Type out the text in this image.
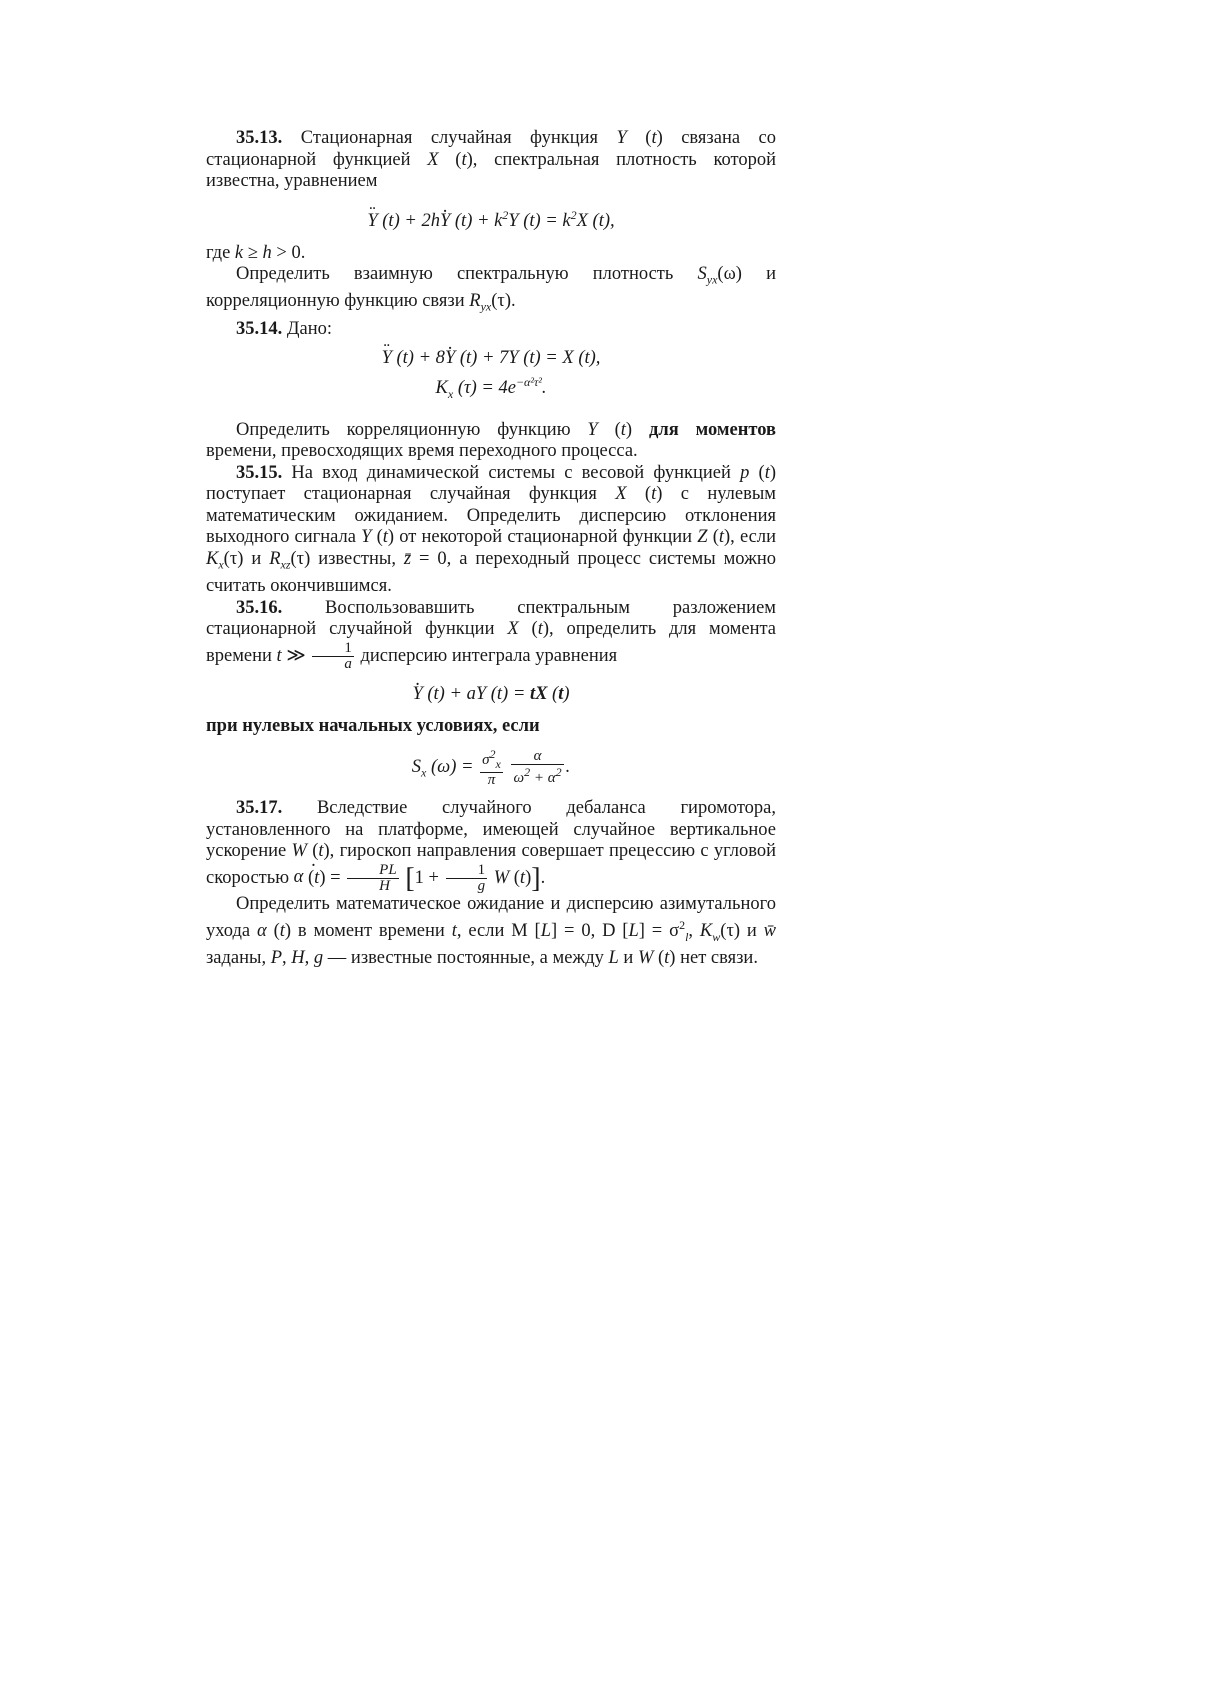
35.13. Стационарная случайная функция Y (t) связана со стационарной функцией X (t), спектральная плотность которой известна, уравнением

¨ Y (t) + 2h· Y $(t) + k^2Y$ $(t) = k^2X$ (t),

где k ≥ h > 0.

Определить взаимную спектральную плотность $S_{yx}(\omega)$ и корреляционную функцию связи $R_{yx}(\tau)$.

35.14. Дано:

¨ Y (t) + 8· Y (t) + 7Y (t) = X (t),

$K_x$ $(\tau) = 4e^{-\alpha^2\tau^2}$.

Определить корреляционную функцию Y (t) для моментов времени, превосходящих время переходного процесса.

35.15. На вход динамической системы с весовой функцией p (t) поступает стационарная случайная функция X (t) с нулевым математическим ожиданием. Определить дисперсию отклонения выходного сигнала Y (t) от некоторой стационарной функции Z (t), если $K_x(\tau)$ и $R_{xz}(\tau)$ известны, z̄ = 0, а переходный процесс системы можно считать окончившимся.

35.16. Воспользовавшить спектральным разложением стационарной случайной функции X (t), определить для момента времени t ≫ $\frac{1}{a}$ дисперсию интеграла уравнения

· Y (t) + aY (t) = tX (t)

при нулевых начальных условиях, если

$S_x$ $(\omega) = \frac{\sigma^2_x}{\pi}$
$\frac{\alpha}{\omega^2 + \alpha^2}$ .

35.17. Вследствие случайного дебаланса гиромотора, установленного на платформе, имеющей случайное вертикальное ускорение W (t), гироскоп направления совершает прецессию с угловой скоростью · α $(t) = \frac{PL}{H} [1 + \frac{1}{g}$ W (t)].

Определить математическое ожидание и дисперсию азимутального ухода α (t) в момент времени t, если M [L] = 0, D $[L] = \sigma^2_l$, $K_w(\tau)$ и w̄ заданы, P, H, g — известные постоянные, а между L и W (t) нет связи.
